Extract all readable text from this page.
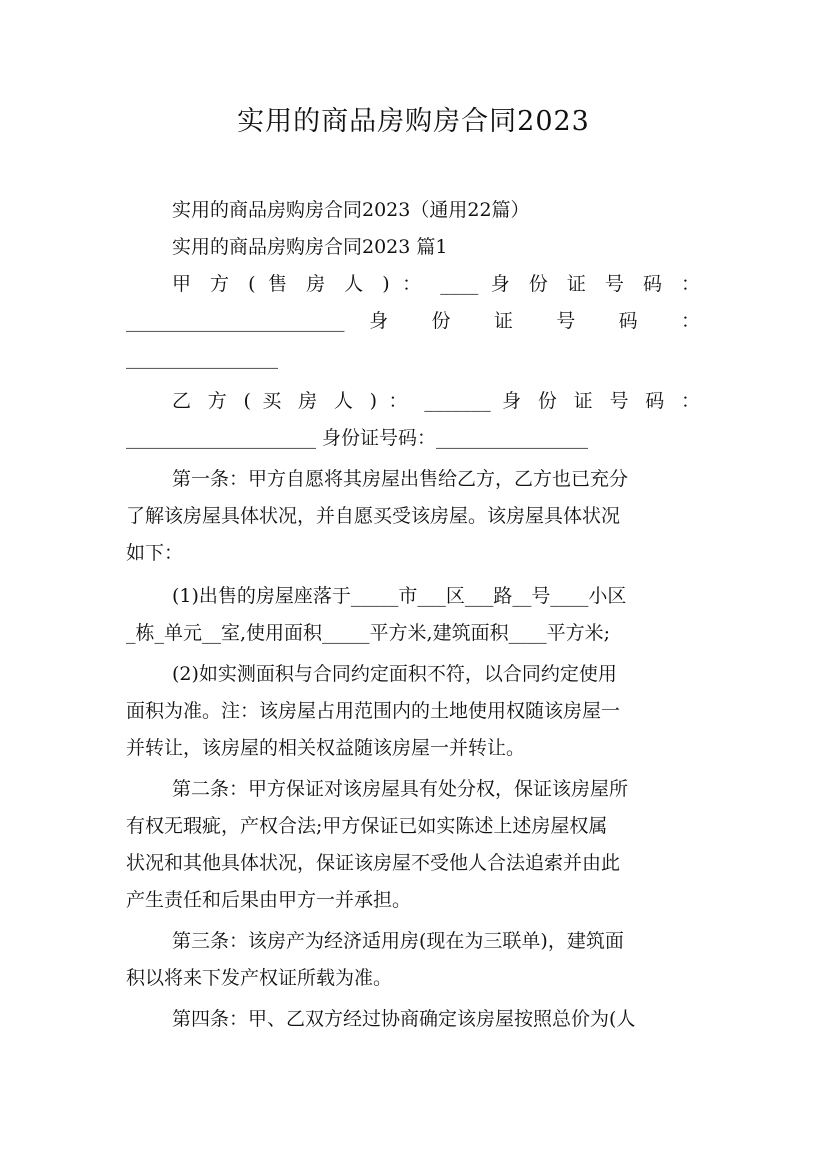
实用的商品房购房合同2023
实用的商品房购房合同2023（通用22篇）
实用的商品房购房合同2023 篇1
甲 方 ( 售 房 人 ) ： ____ 身 份 证 号 码 ：
_______________________ 身 份 证 号 码 ：
________________
乙 方 ( 买 房 人 ) ： _______ 身 份 证 号 码 ：
____________________ 身份证号码：________________
第一条：甲方自愿将其房屋出售给乙方，乙方也已充分
了解该房屋具体状况，并自愿买受该房屋。该房屋具体状况
如下：
(1)出售的房屋座落于_____市___区___路__号____小区
_栋_单元__室,使用面积_____平方米,建筑面积____平方米;
(2)如实测面积与合同约定面积不符，以合同约定使用
面积为准。注：该房屋占用范围内的土地使用权随该房屋一
并转让，该房屋的相关权益随该房屋一并转让。
第二条：甲方保证对该房屋具有处分权，保证该房屋所
有权无瑕疵，产权合法;甲方保证已如实陈述上述房屋权属
状况和其他具体状况，保证该房屋不受他人合法追索并由此
产生责任和后果由甲方一并承担。
第三条：该房产为经济适用房(现在为三联单)，建筑面
积以将来下发产权证所载为准。
第四条：甲、乙双方经过协商确定该房屋按照总价为(人
